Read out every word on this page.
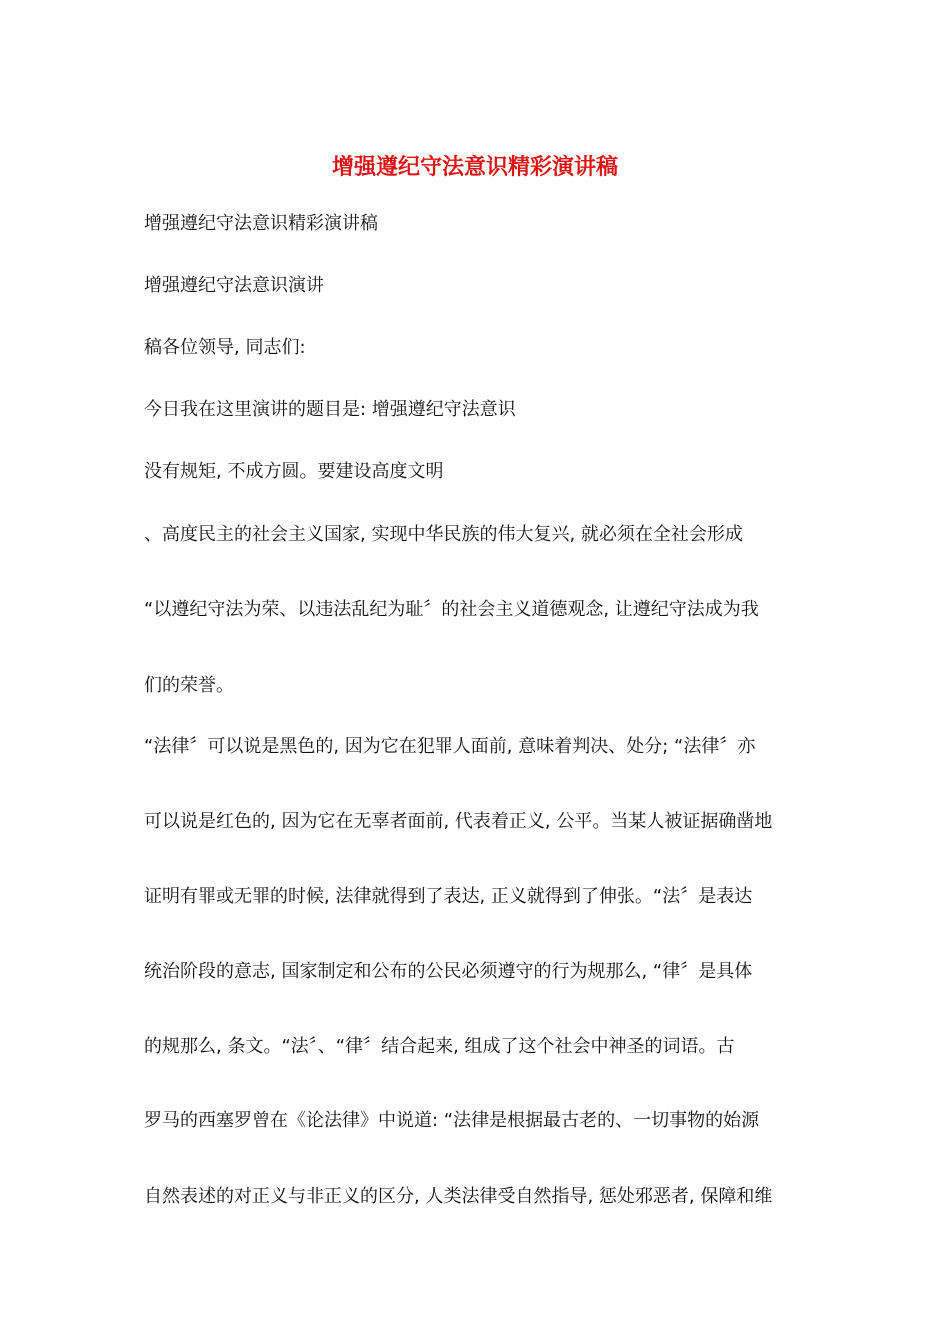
增强遵纪守法意识精彩演讲稿

增强遵纪守法意识精彩演讲稿

增强遵纪守法意识演讲

稿各位领导, 同志们:

今日我在这里演讲的题目是: 增强遵纪守法意识

没有规矩, 不成方圆。要建设高度文明

、高度民主的社会主义国家, 实现中华民族的伟大复兴, 就必须在全社会形成

“以遵纪守法为荣、以违法乱纪为耻〞的社会主义道德观念, 让遵纪守法成为我

们的荣誉。

“法律〞可以说是黑色的, 因为它在犯罪人面前, 意味着判决、处分; “法律〞亦

可以说是红色的, 因为它在无辜者面前, 代表着正义, 公平。当某人被证据确凿地

证明有罪或无罪的时候, 法律就得到了表达, 正义就得到了伸张。“法〞是表达

统治阶段的意志, 国家制定和公布的公民必须遵守的行为规那么, “律〞是具体

的规那么, 条文。“法〞、“律〞结合起来, 组成了这个社会中神圣的词语。古

罗马的西塞罗曾在《论法律》中说道: “法律是根据最古老的、一切事物的始源

自然表述的对正义与非正义的区分, 人类法律受自然指导, 惩处邪恶者, 保障和维
